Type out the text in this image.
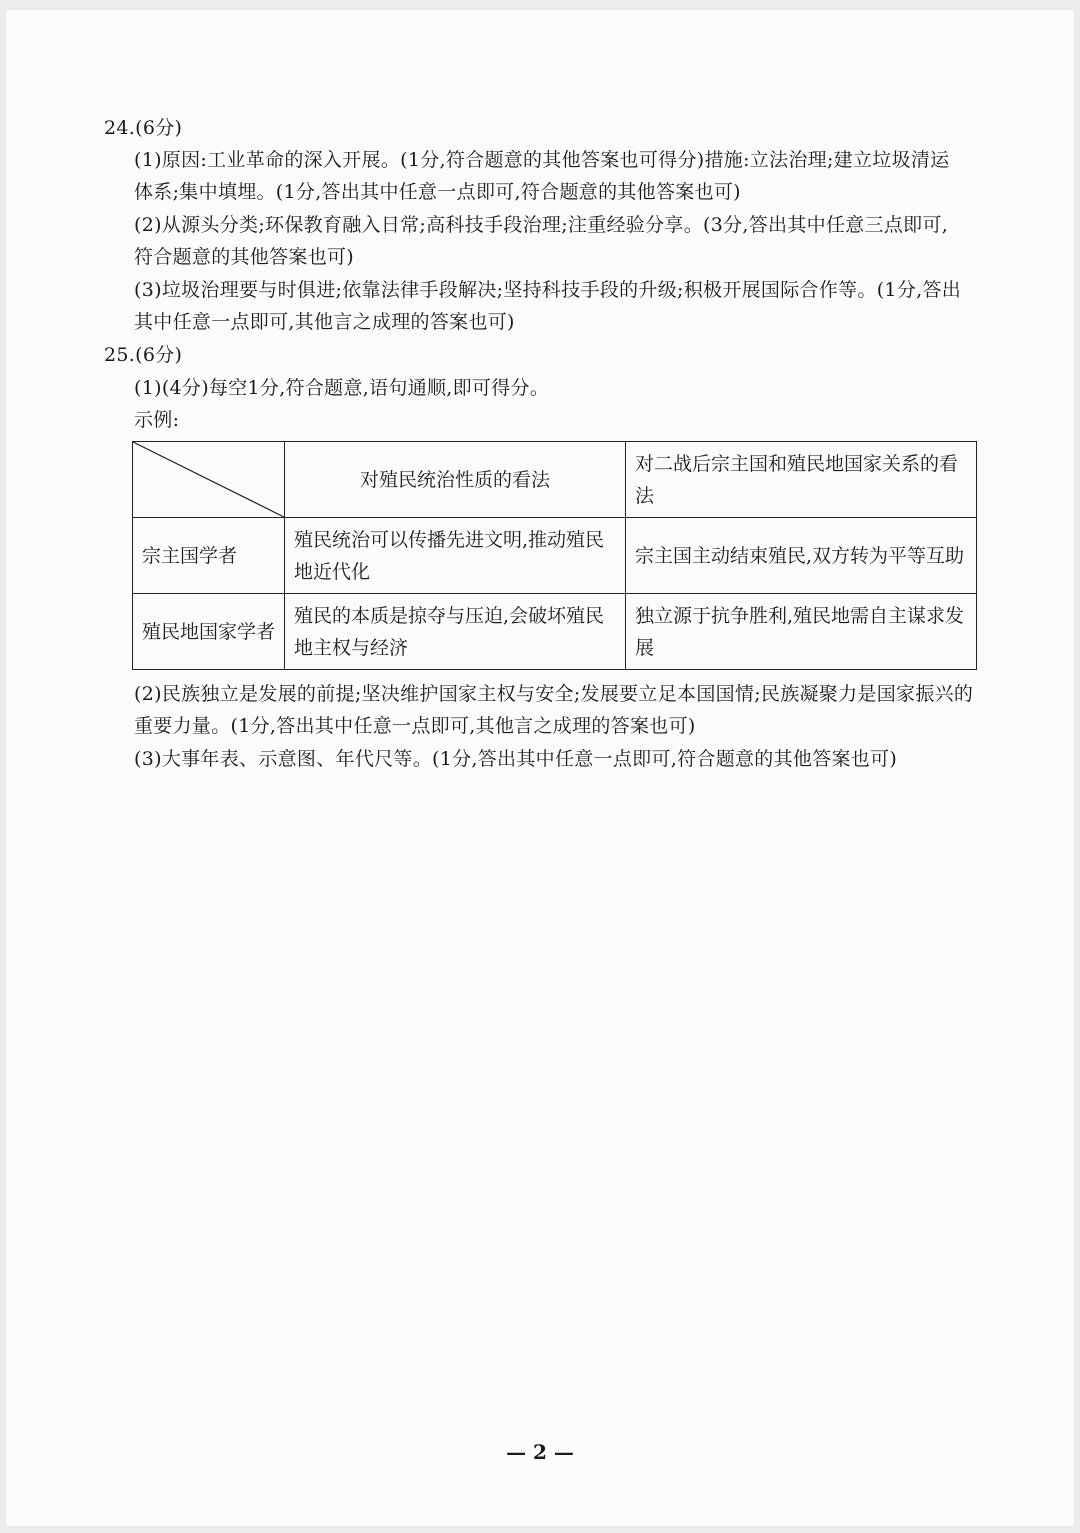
24.(6分)
(1)原因:工业革命的深入开展。(1分,符合题意的其他答案也可得分)措施:立法治理;建立垃圾清运
体系;集中填埋。(1分,答出其中任意一点即可,符合题意的其他答案也可)
(2)从源头分类;环保教育融入日常;高科技手段治理;注重经验分享。(3分,答出其中任意三点即可,
符合题意的其他答案也可)
(3)垃圾治理要与时俱进;依靠法律手段解决;坚持科技手段的升级;积极开展国际合作等。(1分,答出
其中任意一点即可,其他言之成理的答案也可)
25.(6分)
(1)(4分)每空1分,符合题意,语句通顺,即可得分。
示例:
	对殖民统治性质的看法	对二战后宗主国和殖民地国家关系的看法
宗主国学者	殖民统治可以传播先进文明,推动殖民地近代化	宗主国主动结束殖民,双方转为平等互助
殖民地国家学者	殖民的本质是掠夺与压迫,会破坏殖民地主权与经济	独立源于抗争胜利,殖民地需自主谋求发展
(2)民族独立是发展的前提;坚决维护国家主权与安全;发展要立足本国国情;民族凝聚力是国家振兴的
重要力量。(1分,答出其中任意一点即可,其他言之成理的答案也可)
(3)大事年表、示意图、年代尺等。(1分,答出其中任意一点即可,符合题意的其他答案也可)
— 2 —
